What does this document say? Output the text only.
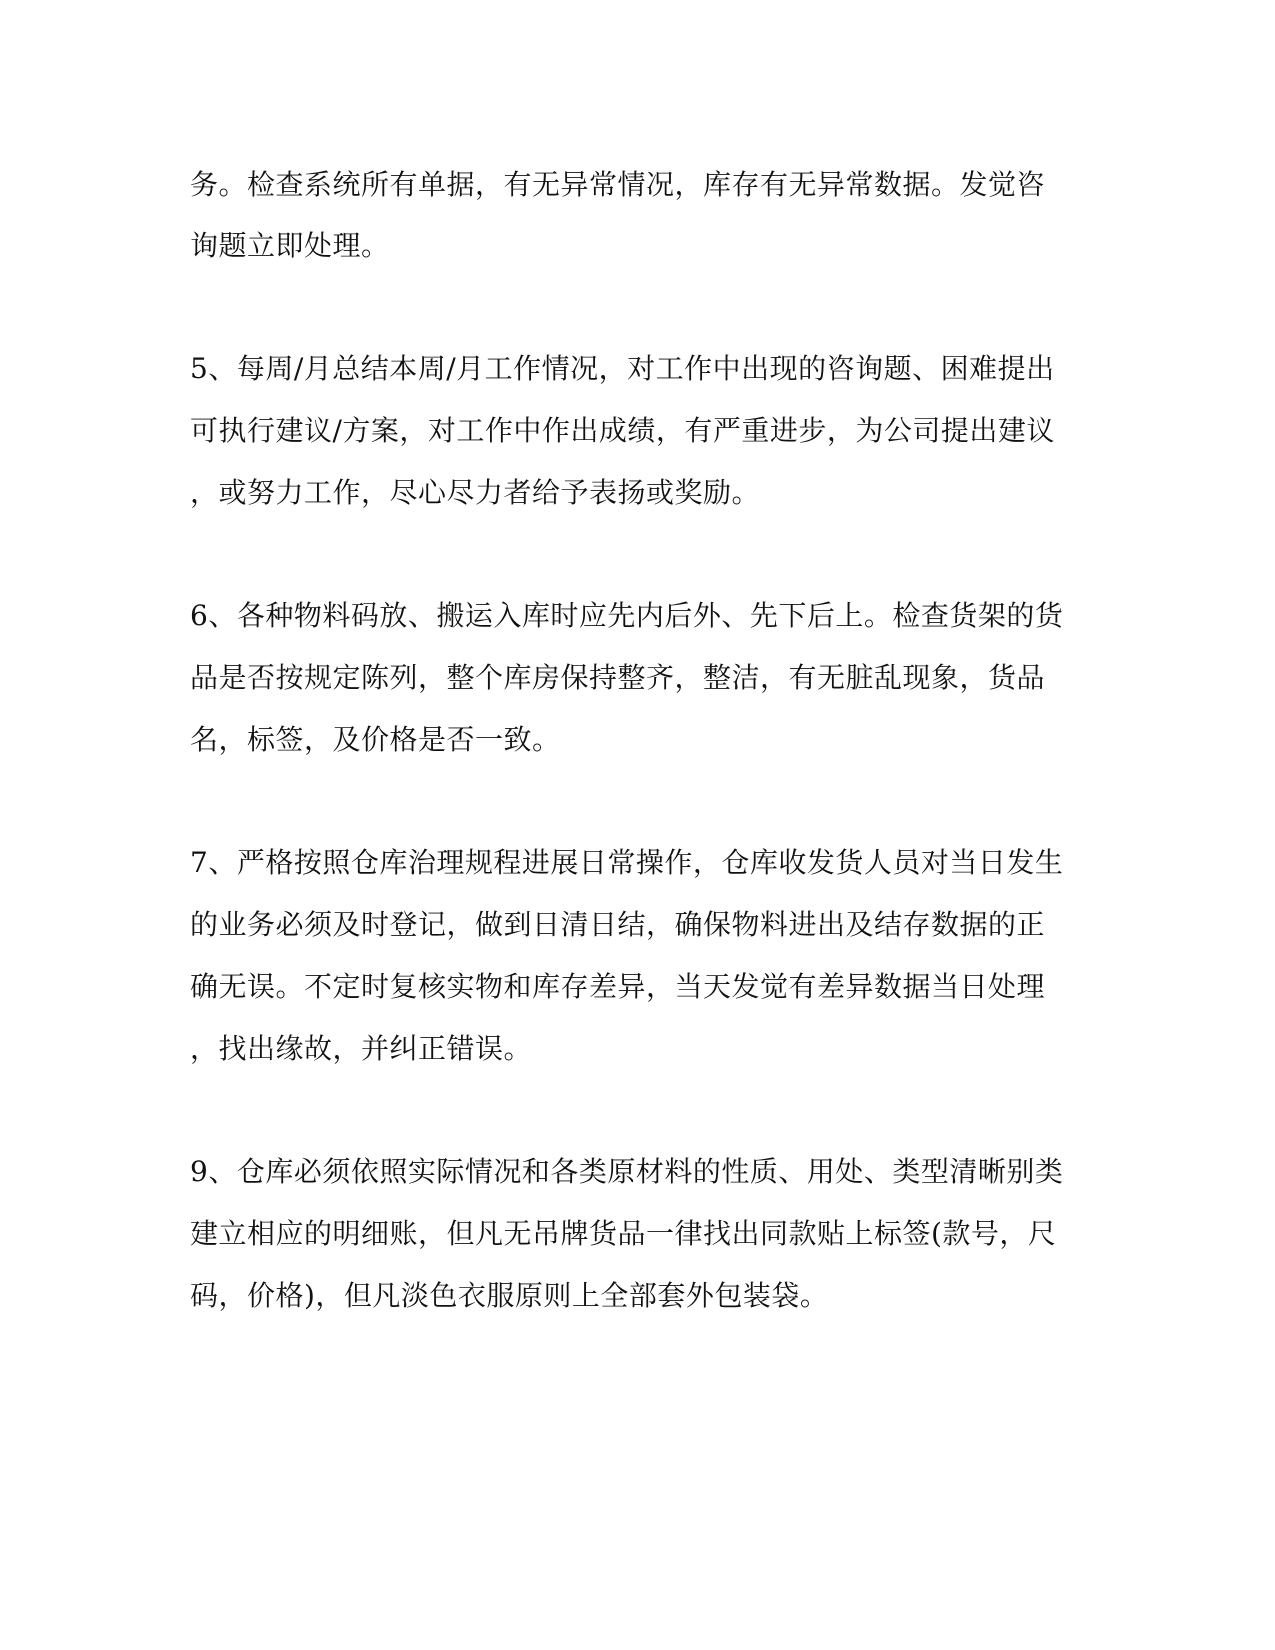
务。检查系统所有单据，有无异常情况，库存有无异常数据。发觉咨
询题立即处理。
5、每周/月总结本周/月工作情况，对工作中出现的咨询题、困难提出
可执行建议/方案，对工作中作出成绩，有严重进步，为公司提出建议
，或努力工作，尽心尽力者给予表扬或奖励。
6、各种物料码放、搬运入库时应先内后外、先下后上。检查货架的货
品是否按规定陈列，整个库房保持整齐，整洁，有无脏乱现象，货品
名，标签，及价格是否一致。
7、严格按照仓库治理规程进展日常操作，仓库收发货人员对当日发生
的业务必须及时登记，做到日清日结，确保物料进出及结存数据的正
确无误。不定时复核实物和库存差异，当天发觉有差异数据当日处理
，找出缘故，并纠正错误。
9、仓库必须依照实际情况和各类原材料的性质、用处、类型清晰别类
建立相应的明细账，但凡无吊牌货品一律找出同款贴上标签(款号，尺
码，价格)，但凡淡色衣服原则上全部套外包装袋。
